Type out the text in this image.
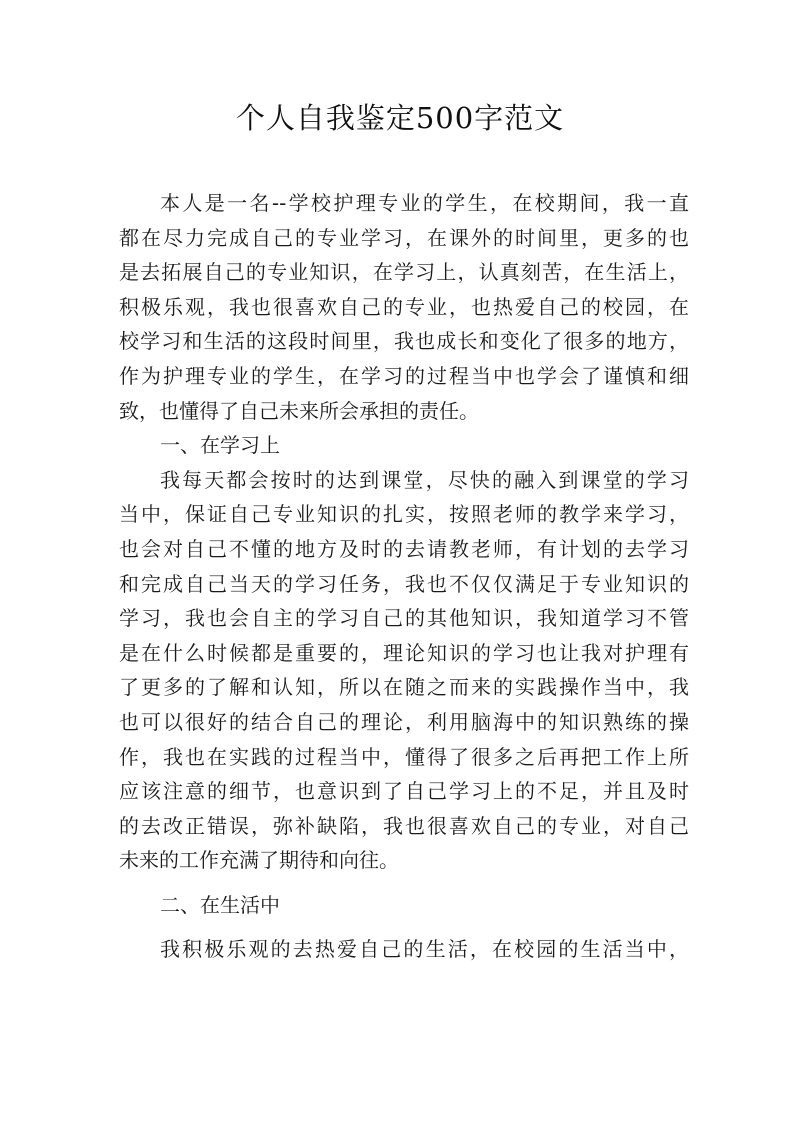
个人自我鉴定500字范文
本人是一名--学校护理专业的学生，在校期间，我一直
都在尽力完成自己的专业学习，在课外的时间里，更多的也
是去拓展自己的专业知识，在学习上，认真刻苦，在生活上，
积极乐观，我也很喜欢自己的专业，也热爱自己的校园，在
校学习和生活的这段时间里，我也成长和变化了很多的地方，
作为护理专业的学生，在学习的过程当中也学会了谨慎和细
致，也懂得了自己未来所会承担的责任。
一、在学习上
我每天都会按时的达到课堂，尽快的融入到课堂的学习
当中，保证自己专业知识的扎实，按照老师的教学来学习，
也会对自己不懂的地方及时的去请教老师，有计划的去学习
和完成自己当天的学习任务，我也不仅仅满足于专业知识的
学习，我也会自主的学习自己的其他知识，我知道学习不管
是在什么时候都是重要的，理论知识的学习也让我对护理有
了更多的了解和认知，所以在随之而来的实践操作当中，我
也可以很好的结合自己的理论，利用脑海中的知识熟练的操
作，我也在实践的过程当中，懂得了很多之后再把工作上所
应该注意的细节，也意识到了自己学习上的不足，并且及时
的去改正错误，弥补缺陷，我也很喜欢自己的专业，对自己
未来的工作充满了期待和向往。
二、在生活中
我积极乐观的去热爱自己的生活，在校园的生活当中，
